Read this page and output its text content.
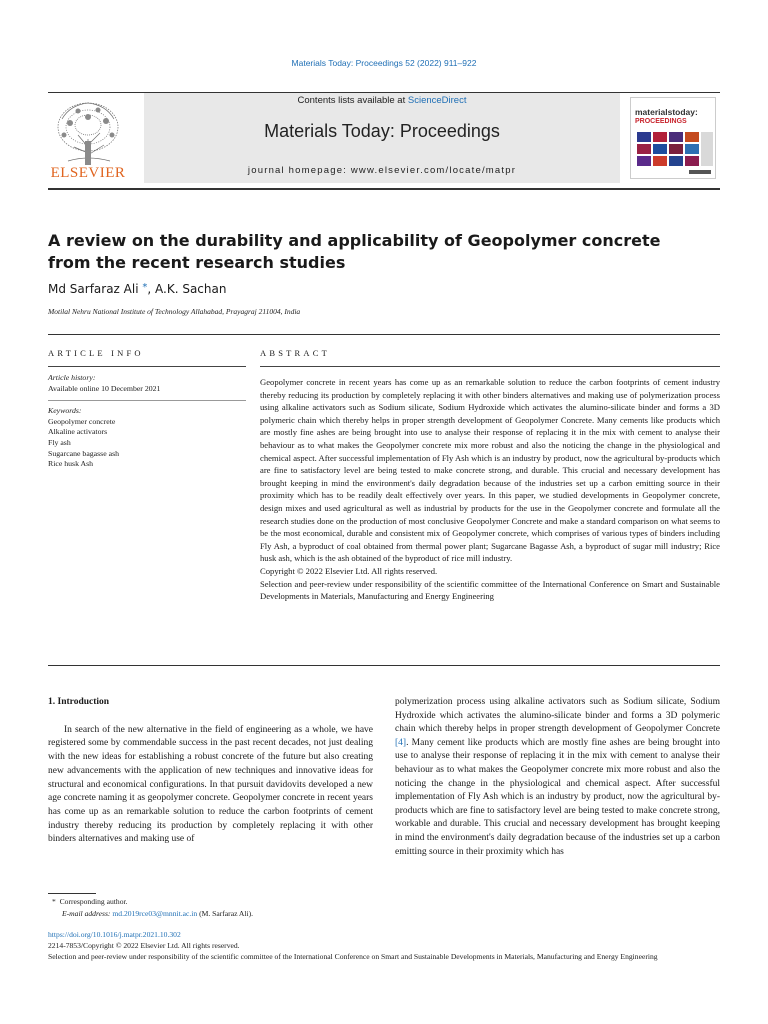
Materials Today: Proceedings 52 (2022) 911–922
ELSEVIER
Contents lists available at ScienceDirect
Materials Today: Proceedings
journal homepage: www.elsevier.com/locate/matpr
materialstoday:
PROCEEDINGS
A review on the durability and applicability of Geopolymer concrete from the recent research studies
Md Sarfaraz Ali *, A.K. Sachan
Motilal Nehru National Institute of Technology Allahabad, Prayagraj 211004, India
ARTICLE INFO	ABSTRACT
Article history:
Available online 10 December 2021
Keywords:
Geopolymer concrete
Alkaline activators
Fly ash
Sugarcane bagasse ash
Rice husk Ash

Geopolymer concrete in recent years has come up as an remarkable solution to reduce the carbon footprints of cement industry thereby reducing its production by completely replacing it with other binders alternatives and making use of polymerization process using alkaline activators such as Sodium silicate, Sodium Hydroxide which activates the alumino-silicate binder and forms a 3D polymeric chain which thereby helps in proper strength development of Geopolymer Concrete. Many cements like products which are mostly fine ashes are being brought into use to analyse their response of replacing it in the mix with cement to analyse their behaviour as to what makes the Geopolymer concrete mix more robust and also the noticing the change in the physiological and chemical aspect. After successful implementation of Fly Ash which is an industry by product, now the agricultural by-products which are fine to satisfactory level are being tested to make concrete strong, and durable. This crucial and necessary development has brought keeping in mind the environment's daily degradation because of the industries set up a carbon emitting source in their proximity which has to be readily dealt effectively over years. In this paper, we studied developments in Geopolymer concrete, design mixes and used agricultural as well as industrial by products for the use in the Geopolymer concrete and formulate all the research studies done on the production of most conclusive Geopolymer Concrete and make a standard comparison on what seems to be the most economical, durable and consistent mix of Geopolymer concrete, which comprises of various types of binders including Fly Ash, a byproduct of coal obtained from thermal power plant; Sugarcane Bagasse Ash, a byproduct of sugar mill industry; Rice husk ash, which is the ash obtained of the byproduct of rice mill industry.

Copyright © 2022 Elsevier Ltd. All rights reserved.

Selection and peer-review under responsibility of the scientific committee of the International Conference on Smart and Sustainable Developments in Materials, Manufacturing and Energy Engineering

1. Introduction

In search of the new alternative in the field of engineering as a whole, we have registered some by commendable success in the past recent decades, not just dealing with the new ideas for establishing a robust concrete of the future but also creating new advancements with the application of new techniques and innovative ideas for structural and economical configurations. In that pursuit davidovits developed a new age concrete naming it as geopolymer concrete. Geopolymer concrete in recent years has come up as an remarkable solution to reduce the carbon footprints of cement industry thereby reducing its production by completely replacing it with other binders alternatives and making use of

polymerization process using alkaline activators such as Sodium silicate, Sodium Hydroxide which activates the alumino-silicate binder and forms a 3D polymeric chain which thereby helps in proper strength development of Geopolymer Concrete [4]. Many cement like products which are mostly fine ashes are being brought into use to analyse their response of replacing it in the mix with cement to analyse their behaviour as to what makes the Geopolymer concrete mix more robust and also the noticing the change in the physiological and chemical aspect. After successful implementation of Fly Ash which is an industry by product, now the agricultural by-products which are fine to satisfactory level are being tested to make concrete strong, workable and durable. This crucial and necessary development has brought keeping in mind the environment's daily degradation because of the industries set up a carbon emitting source in their proximity which has

* Corresponding author.
E-mail address: md.2019rce03@mnnit.ac.in (M. Sarfaraz Ali).
https://doi.org/10.1016/j.matpr.2021.10.302
2214-7853/Copyright © 2022 Elsevier Ltd. All rights reserved.
Selection and peer-review under responsibility of the scientific committee of the International Conference on Smart and Sustainable Developments in Materials, Manufacturing and Energy Engineering
